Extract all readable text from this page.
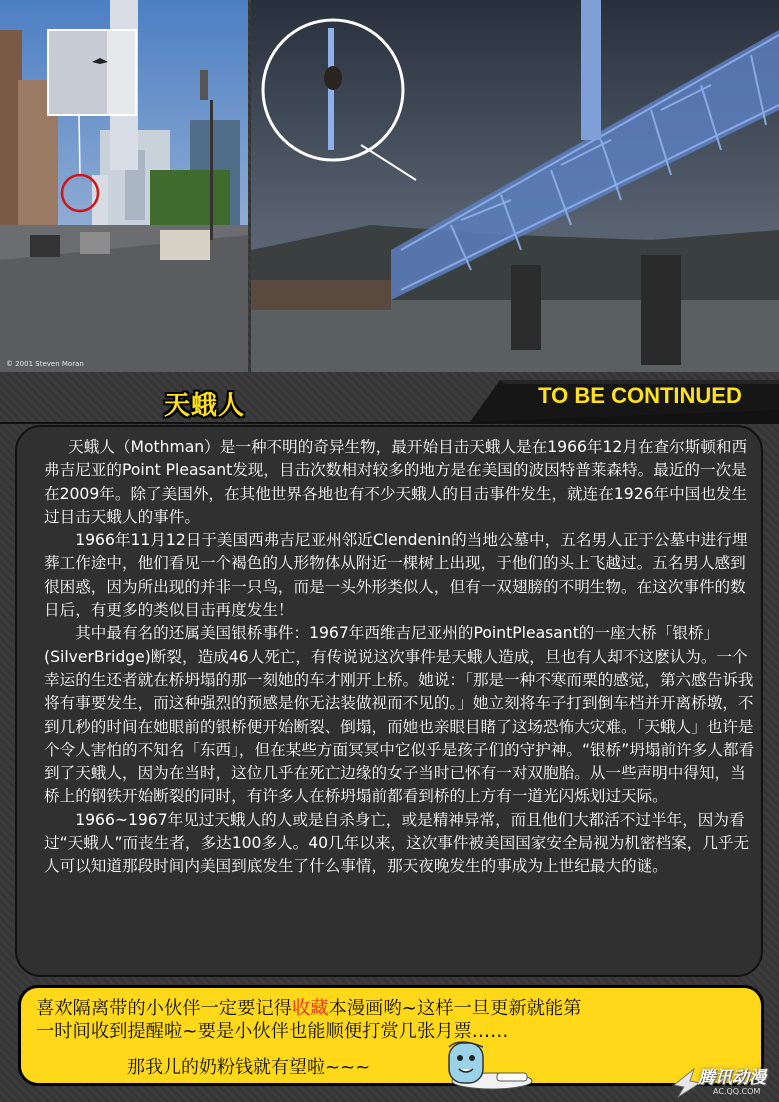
© 2001 Steven Moran
天蛾人	TO BE CONTINUED

天蛾人（Mothman）是一种不明的奇异生物，最开始目击天蛾人是在1966年12月在查尔斯顿和西弗吉尼亚的Point Pleasant发现，目击次数相对较多的地方是在美国的波因特普莱森特。最近的一次是在2009年。除了美国外，在其他世界各地也有不少天蛾人的目击事件发生，就连在1926年中国也发生过目击天蛾人的事件。

1966年11月12日于美国西弗吉尼亚州邻近Clendenin的当地公墓中，五名男人正于公墓中进行埋葬工作途中，他们看见一个褐色的人形物体从附近一棵树上出现，于他们的头上飞越过。五名男人感到很困惑，因为所出现的并非一只鸟，而是一头外形类似人，但有一双翅膀的不明生物。在这次事件的数日后，有更多的类似目击再度发生！

其中最有名的还属美国银桥事件：1967年西维吉尼亚州的PointPleasant的一座大桥「银桥」(SilverBridge)断裂，造成46人死亡，有传说说这次事件是天蛾人造成，旦也有人却不这麽认为。一个幸运的生还者就在桥坍塌的那一刻她的车才刚开上桥。她说：「那是一种不寒而栗的感觉，第六感告诉我将有事要发生，而这种强烈的预感是你无法装做视而不见的。」她立刻将车子打到倒车档并开离桥墩，不到几秒的时间在她眼前的银桥便开始断裂、倒塌，而她也亲眼目睹了这场恐怖大灾难。「天蛾人」也许是个令人害怕的不知名「东西」，但在某些方面冥冥中它似乎是孩子们的守护神。“银桥”坍塌前许多人都看到了天蛾人，因为在当时，这位几乎在死亡边缘的女子当时已怀有一对双胞胎。从一些声明中得知，当桥上的钢铁开始断裂的同时，有许多人在桥坍塌前都看到桥的上方有一道光闪烁划过天际。

1966~1967年见过天蛾人的人或是自杀身亡，或是精神异常，而且他们大都活不过半年，因为看过“天蛾人”而丧生者，多达100多人。40几年以来，这次事件被美国国家安全局视为机密档案，几乎无人可以知道那段时间内美国到底发生了什么事情，那天夜晚发生的事成为上世纪最大的谜。

喜欢隔离带的小伙伴一定要记得收藏本漫画哟~这样一旦更新就能第
一时间收到提醒啦~要是小伙伴也能顺便打赏几张月票……
那我儿的奶粉钱就有望啦~~~	腾讯动漫
AC.QQ.COM
